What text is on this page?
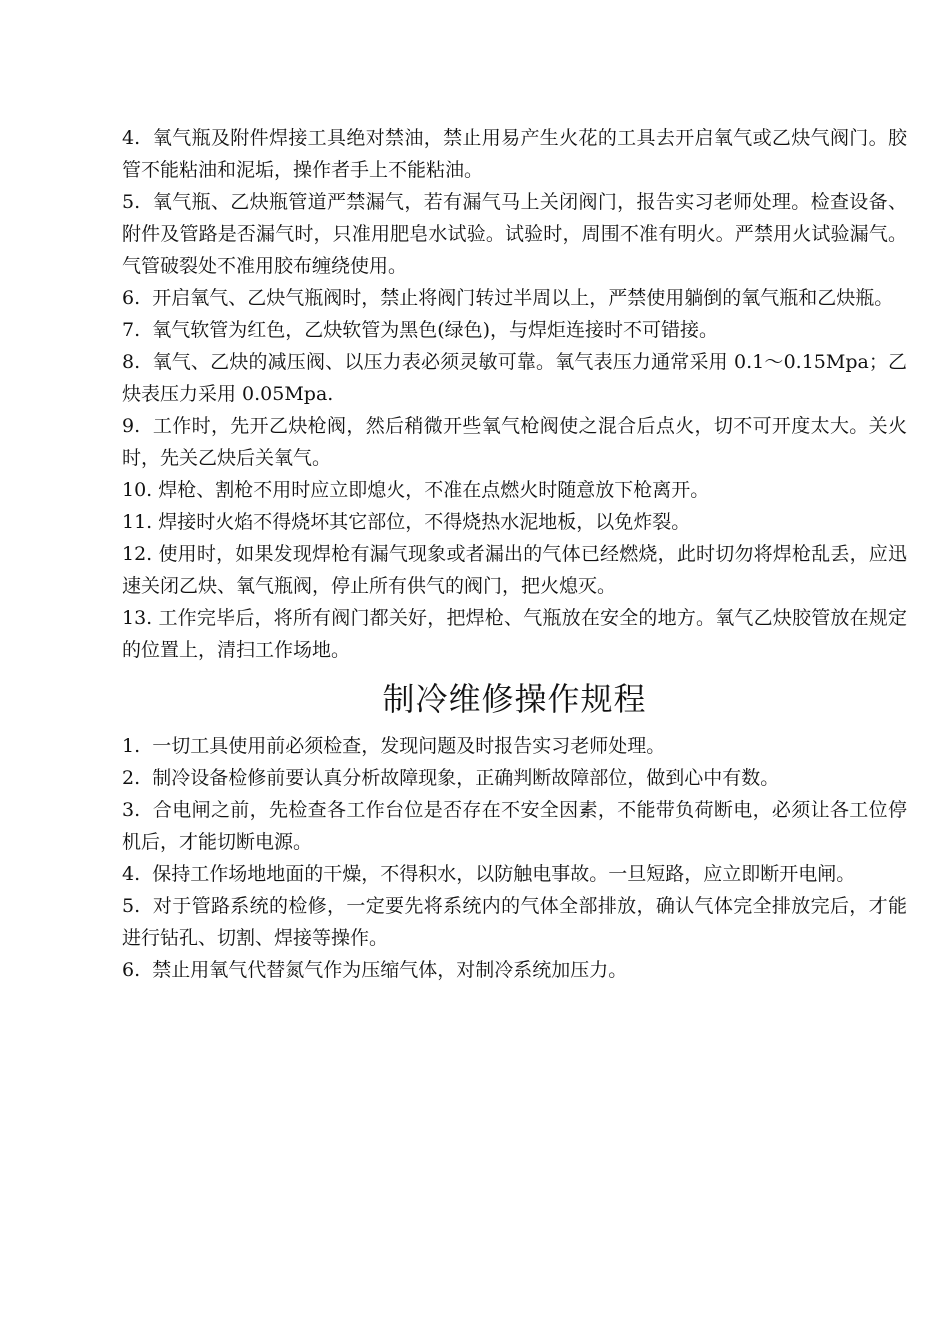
4. 氧气瓶及附件焊接工具绝对禁油，禁止用易产生火花的工具去开启氧气或乙炔气阀门。胶管不能粘油和泥垢，操作者手上不能粘油。

5. 氧气瓶、乙炔瓶管道严禁漏气，若有漏气马上关闭阀门，报告实习老师处理。检查设备、附件及管路是否漏气时，只准用肥皂水试验。试验时，周围不准有明火。严禁用火试验漏气。气管破裂处不准用胶布缠绕使用。

6. 开启氧气、乙炔气瓶阀时，禁止将阀门转过半周以上，严禁使用躺倒的氧气瓶和乙炔瓶。

7. 氧气软管为红色，乙炔软管为黑色(绿色)，与焊炬连接时不可错接。

8. 氧气、乙炔的减压阀、以压力表必须灵敏可靠。氧气表压力通常采用 0.1～0.15Mpa；乙炔表压力采用 0.05Mpa.

9. 工作时，先开乙炔枪阀，然后稍微开些氧气枪阀使之混合后点火，切不可开度太大。关火时，先关乙炔后关氧气。

10. 焊枪、割枪不用时应立即熄火，不准在点燃火时随意放下枪离开。

11. 焊接时火焰不得烧坏其它部位，不得烧热水泥地板，以免炸裂。

12. 使用时，如果发现焊枪有漏气现象或者漏出的气体已经燃烧，此时切勿将焊枪乱丢，应迅速关闭乙炔、氧气瓶阀，停止所有供气的阀门，把火熄灭。

13. 工作完毕后，将所有阀门都关好，把焊枪、气瓶放在安全的地方。氧气乙炔胶管放在规定的位置上，清扫工作场地。

制冷维修操作规程

1. 一切工具使用前必须检查，发现问题及时报告实习老师处理。

2. 制冷设备检修前要认真分析故障现象，正确判断故障部位，做到心中有数。

3. 合电闸之前，先检查各工作台位是否存在不安全因素，不能带负荷断电，必须让各工位停机后，才能切断电源。

4. 保持工作场地地面的干燥，不得积水，以防触电事故。一旦短路，应立即断开电闸。

5. 对于管路系统的检修，一定要先将系统内的气体全部排放，确认气体完全排放完后，才能进行钻孔、切割、焊接等操作。

6. 禁止用氧气代替氮气作为压缩气体，对制冷系统加压力。
